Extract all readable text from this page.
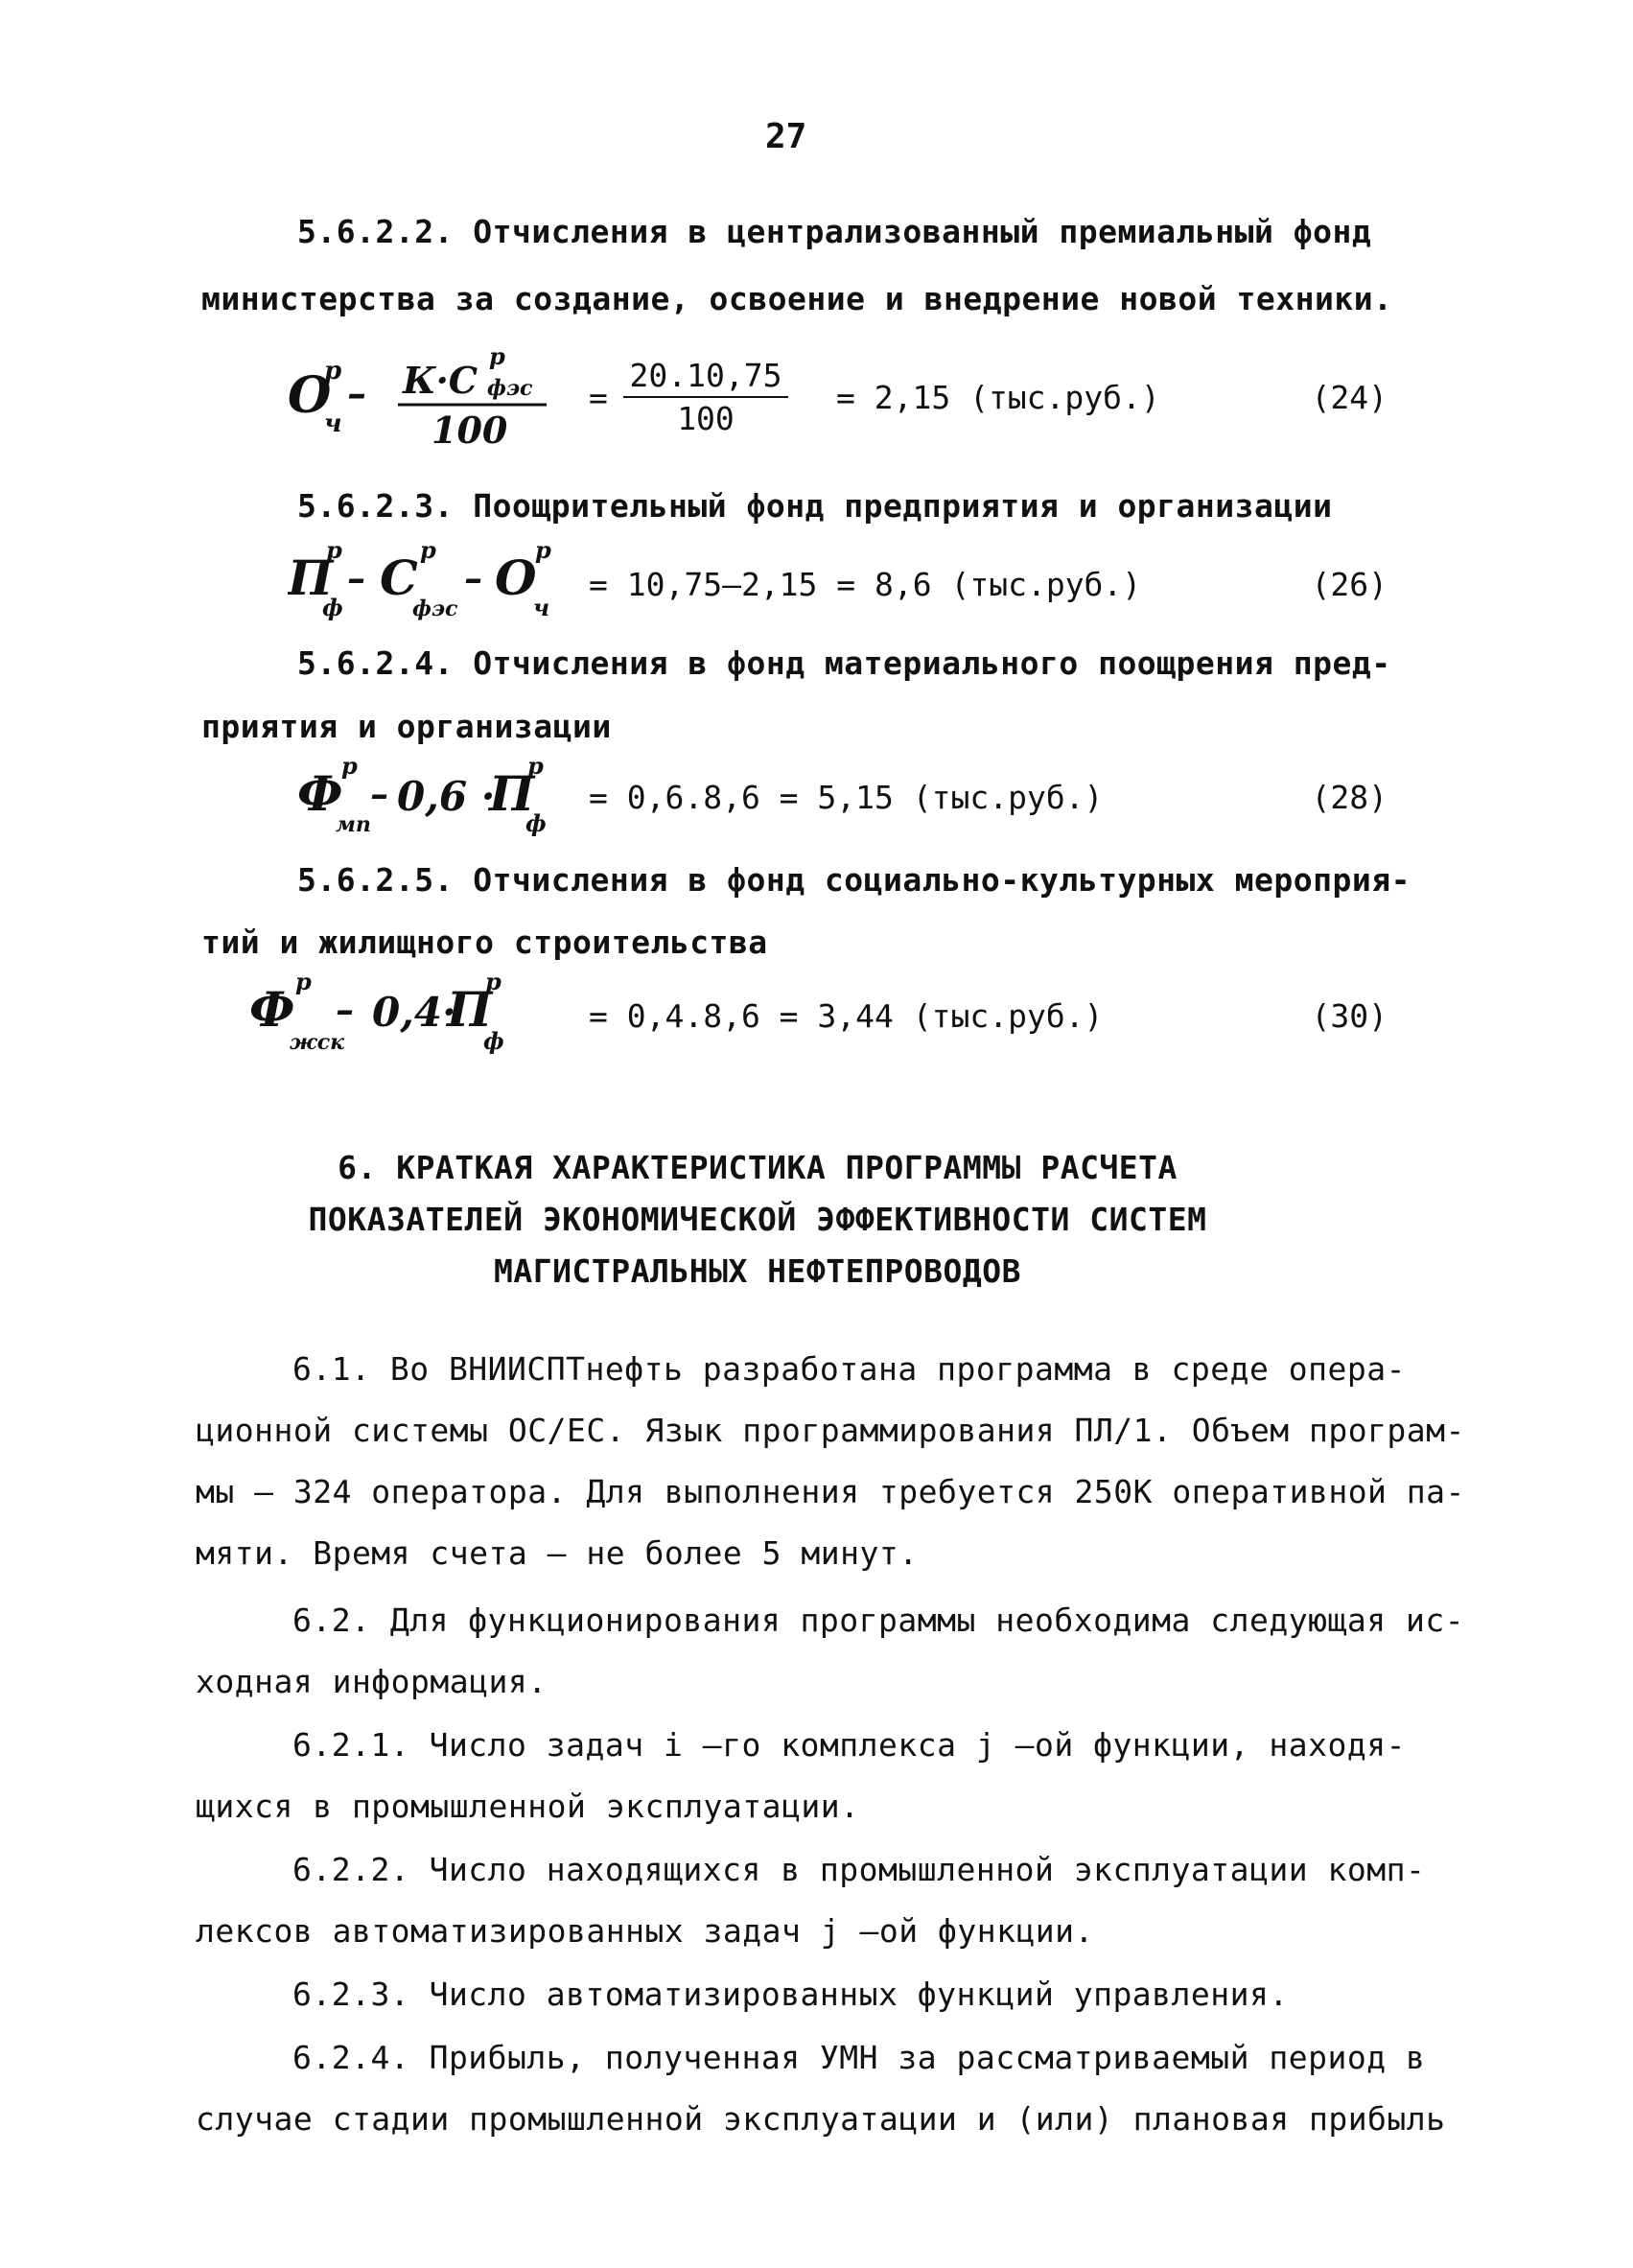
27
5.6.2.2. Отчисления в централизованный премиальный фонд
министерства за создание, освоение и внедрение новой техники.
О
р
ч
– К·С фэс
р
100
= $\frac{20.10,75}{100} = 2,15$ (тыс.руб.)	(24)
5.6.2.3. Поощрительный фонд предприятия и организации
П
р
ф
– С р
фэс
– О
р
ч
= 10,75–2,15 = 8,6 (тыс.руб.)	(26)
5.6.2.4. Отчисления в фонд материального поощрения пред-
приятия и организации
Ф
р
мп
– 0,6 ·
П
р
ф
= 0,6.8,6 = 5,15 (тыс.руб.)	(28)
5.6.2.5. Отчисления в фонд социально-культурных мероприя-
тий и жилищного строительства
Ф р
жск
– 0,4·
П
р
ф
= 0,4.8,6 = 3,44 (тыс.руб.)	(30)
6. КРАТКАЯ ХАРАКТЕРИСТИКА ПРОГРАММЫ РАСЧЕТА
ПОКАЗАТЕЛЕЙ ЭКОНОМИЧЕСКОЙ ЭФФЕКТИВНОСТИ СИСТЕМ
МАГИСТРАЛЬНЫХ НЕФТЕПРОВОДОВ
6.1. Во ВНИИСПТнефть разработана программа в среде опера-
ционной системы ОС/ЕС. Язык программирования ПЛ/1. Объем програм-
мы – 324 оператора. Для выполнения требуется 250К оперативной па-
мяти. Время счета – не более 5 минут.
6.2. Для функционирования программы необходима следующая ис-
ходная информация.
6.2.1. Число задач i –го комплекса j –ой функции, находя-
щихся в промышленной эксплуатации.
6.2.2. Число находящихся в промышленной эксплуатации комп-
лексов автоматизированных задач j –ой функции.
6.2.3. Число автоматизированных функций управления.
6.2.4. Прибыль, полученная УМН за рассматриваемый период в
случае стадии промышленной эксплуатации и (или) плановая прибыль
